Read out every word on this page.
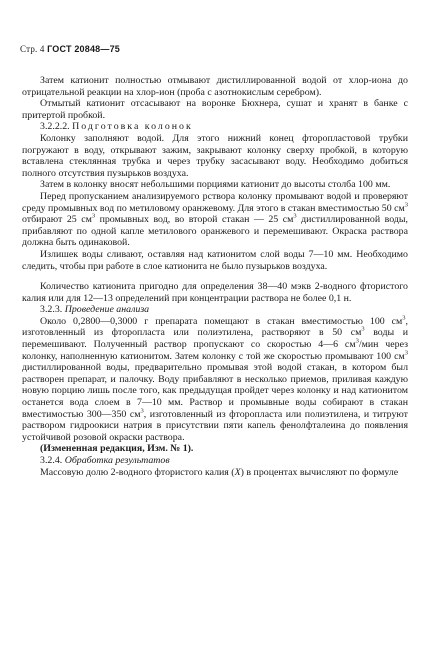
Стр. 4 ГОСТ 20848—75

Затем катионит полностью отмывают дистиллированной водой от хлор-иона до отрицательной реакции на хлор-ион (проба с азотнокислым серебром).

Отмытый катионит отсасывают на воронке Бюхнера, сушат и хранят в банке с притертой пробкой.

3.2.2.2. Подготовка колонок

Колонку заполняют водой. Для этого нижний конец фторопластовой трубки погружают в воду, открывают зажим, закрывают колонку сверху пробкой, в которую вставлена стеклянная трубка и через трубку засасывают воду. Необходимо добиться полного отсутствия пузырьков воздуха.

Затем в колонку вносят небольшими порциями катионит до высоты столба 100 мм.

Перед пропусканием анализируемого рствора колонку промывают водой и проверяют среду промывных вод по метиловому оранжевому. Для этого в стакан вместимостью 50 $см^3$ отбирают 25 $см^3$ промывных вод, во второй стакан — 25 $см^3$ дистиллированной воды, прибавляют по одной капле метилового оранжевого и перемешивают. Окраска раствора должна быть одинаковой.

Излишек воды сливают, оставляя над катионитом слой воды 7—10 мм. Необходимо следить, чтобы при работе в слое катионита не было пузырьков воздуха.

Количество катионита пригодно для определения 38—40 мэкв 2-водного фтористого калия или для 12—13 определений при концентрации раствора не более 0,1 н.

3.2.3. Проведение анализа

Около 0,2800—0,3000 г препарата помещают в стакан вместимостью 100 $см^3$, изготовленный из фторопласта или полиэтилена, растворяют в 50 $см^3$ воды и перемешивают. Полученный раствор пропускают со скоростью 4—6 $см^3$/мин через колонку, наполненную катионитом. Затем колонку с той же скоростью промывают 100 $см^3$ дистиллированной воды, предварительно промывая этой водой стакан, в котором был растворен препарат, и палочку. Воду прибавляют в несколько приемов, приливая каждую новую порцию лишь после того, как предыдущая пройдет через колонку и над катионитом останется вода слоем в 7—10 мм. Раствор и промывные воды собирают в стакан вместимостью 300—350 $см^3$, изготовленный из фторопласта или полиэтилена, и титруют раствором гидроокиси натрия в присутствии пяти капель фенолфталеина до появления устойчивой розовой окраски раствора.

(Измененная редакция, Изм. № 1).

3.2.4. Обработка результатов

Массовую долю 2-водного фтористого калия (X) в процентах вычисляют по формуле
